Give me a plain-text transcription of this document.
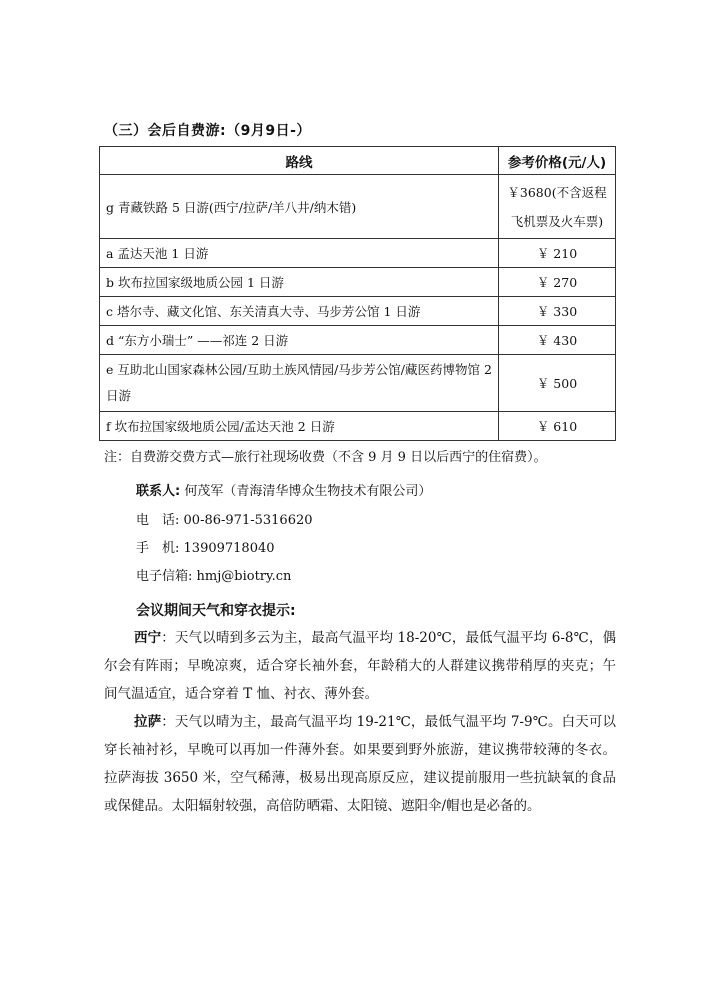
（三）会后自费游:（9月9日-）
路线	参考价格(元/人)
g 青藏铁路 5 日游(西宁/拉萨/羊八井/纳木错)	￥3680(不含返程
飞机票及火车票)

a 孟达天池 1 日游	￥ 210
b 坎布拉国家级地质公园 1 日游	￥ 270
c 塔尔寺、藏文化馆、东关清真大寺、马步芳公馆 1 日游	￥ 330
d “东方小瑞士” ——祁连 2 日游	￥ 430
e 互助北山国家森林公园/互助土族风情园/马步芳公馆/藏医药博物馆 2 日游	￥ 500
f 坎布拉国家级地质公园/孟达天池 2 日游	￥ 610
注：自费游交费方式—旅行社现场收费（不含 9 月 9 日以后西宁的住宿费）。
联系人: 何茂军（青海清华博众生物技术有限公司）
电　话: 00-86-971-5316620
手　机: 13909718040
电子信箱: hmj@biotry.cn
会议期间天气和穿衣提示:
西宁：天气以晴到多云为主，最高气温平均 18-20℃，最低气温平均 6-8℃，偶尔会有阵雨；早晚凉爽，适合穿长袖外套，年龄稍大的人群建议携带稍厚的夹克；午间气温适宜，适合穿着 T 恤、衬衣、薄外套。
拉萨：天气以晴为主，最高气温平均 19-21℃，最低气温平均 7-9℃。白天可以穿长袖衬衫，早晚可以再加一件薄外套。如果要到野外旅游，建议携带较薄的冬衣。拉萨海拔 3650 米，空气稀薄，极易出现高原反应，建议提前服用一些抗缺氧的食品或保健品。太阳辐射较强，高倍防晒霜、太阳镜、遮阳伞/帽也是必备的。
